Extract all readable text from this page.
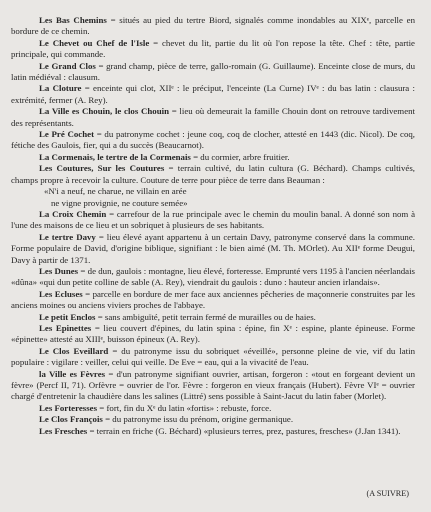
Les Bas Chemins = situés au pied du tertre Biord, signalés comme inondables au XIXᵉ, parcelle en bordure de ce chemin.

Le Chevet ou Chef de l'Isle = chevet du lit, partie du lit où l'on repose la tête. Chef : tête, partie principale, qui commande.

Le Grand Clos = grand champ, pièce de terre, gallo-romain (G. Guillaume). Enceinte close de murs, du latin médiéval : clausum.

La Cloture = enceinte qui clot, XIIᵉ : le préciput, l'enceinte (La Curne) IVᵉ : du bas latin : clausura : extrémité, fermer (A. Rey).

La Ville es Chouin, le clos Chouin = lieu où demeurait la famille Chouin dont on retrouve tardivement des représentants.

Le Pré Cochet = du patronyme cochet : jeune coq, coq de clocher, attesté en 1443 (dic. Nicol). De coq, fétiche des Gaulois, fier, qui a du succès (Beaucarnot).

La Cormenais, le tertre de la Cormenais = du cormier, arbre fruitier.

Les Coutures, Sur les Coutures = terrain cultivé, du latin cultura (G. Béchard). Champs cultivés, champs propre à recevoir la culture. Couture de terre pour pièce de terre dans Beauman :

«N'i a neuf, ne charue, ne villain en arée

ne vigne provignie, ne couture semée»

La Croix Chemin = carrefour de la rue principale avec le chemin du moulin banal. A donné son nom à l'une des maisons de ce lieu et un sobriquet à plusieurs de ses habitants.

Le tertre Davy = lieu élevé ayant appartenu à un certain Davy, patronyme conservé dans la commune. Forme populaire de David, d'origine biblique, signifiant : le bien aimé (M. Th. MOrlet). Au XIIᵉ forme Deugui, Davy à partir de 1371.

Les Dunes = de dun, gaulois : montagne, lieu élevé, forteresse. Emprunté vers 1195 à l'ancien néerlandais «dûna» «qui dun petite colline de sable (A. Rey), viendrait du gaulois : duno : hauteur ancien irlandais».

Les Ecluses = parcelle en bordure de mer face aux anciennes pêcheries de maçonnerie construites par les anciens moines ou anciens viviers proches de l'abbaye.

Le petit Enclos = sans ambiguïté, petit terrain fermé de murailles ou de haies.

Les Epinettes = lieu couvert d'épines, du latin spina : épine, fin Xᵉ : espine, plante épineuse. Forme «épinette» attesté au XIIIᵉ, buisson épineux (A. Rey).

Le Clos Eveillard = du patronyme issu du sobriquet «éveillé», personne pleine de vie, vif du latin populaire : vigilare : veiller, celui qui veille. De Eve = eau, qui a la vivacité de l'eau.

la Ville es Fèvres = d'un patronyme signifiant ouvrier, artisan, forgeron : «tout en forgeant devient un fèvre» (Percf II, 71). Orfèvre = ouvrier de l'or. Fèvre : forgeron en vieux français (Hubert). Fèvre VIᵉ = ouvrier chargé d'entretenir la chaudière dans les salines (Littré) sens possible à Saint-Jacut du latin faber (Morlet).

Les Forteresses = fort, fin du Xᵉ du latin «fortis» : rebuste, force.

Le Clos François = du patronyme issu du prénom, origine germanique.

Les Fresches = terrain en friche (G. Béchard) «plusieurs terres, prez, pastures, fresches» (J.Jan 1341).

(A SUIVRE)
